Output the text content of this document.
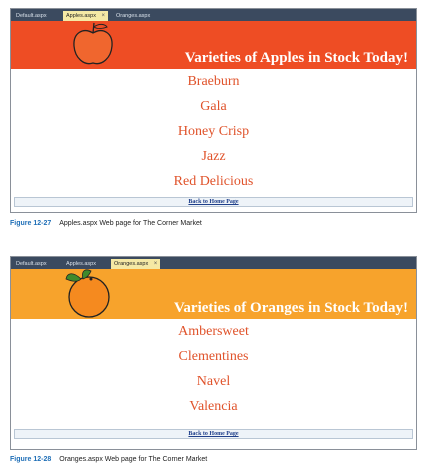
Default.aspx	Apples.aspx ×	Oranges.aspx
Varieties of Apples in Stock Today!
Braeburn
Gala
Honey Crisp
Jazz
Red Delicious
Back to Home Page
Figure 12-27 Apples.aspx Web page for The Corner Market
Default.aspx	Apples.aspx	Oranges.aspx ×
Varieties of Oranges in Stock Today!
Ambersweet
Clementines
Navel
Valencia
Back to Home Page
Figure 12-28 Oranges.aspx Web page for The Corner Market
